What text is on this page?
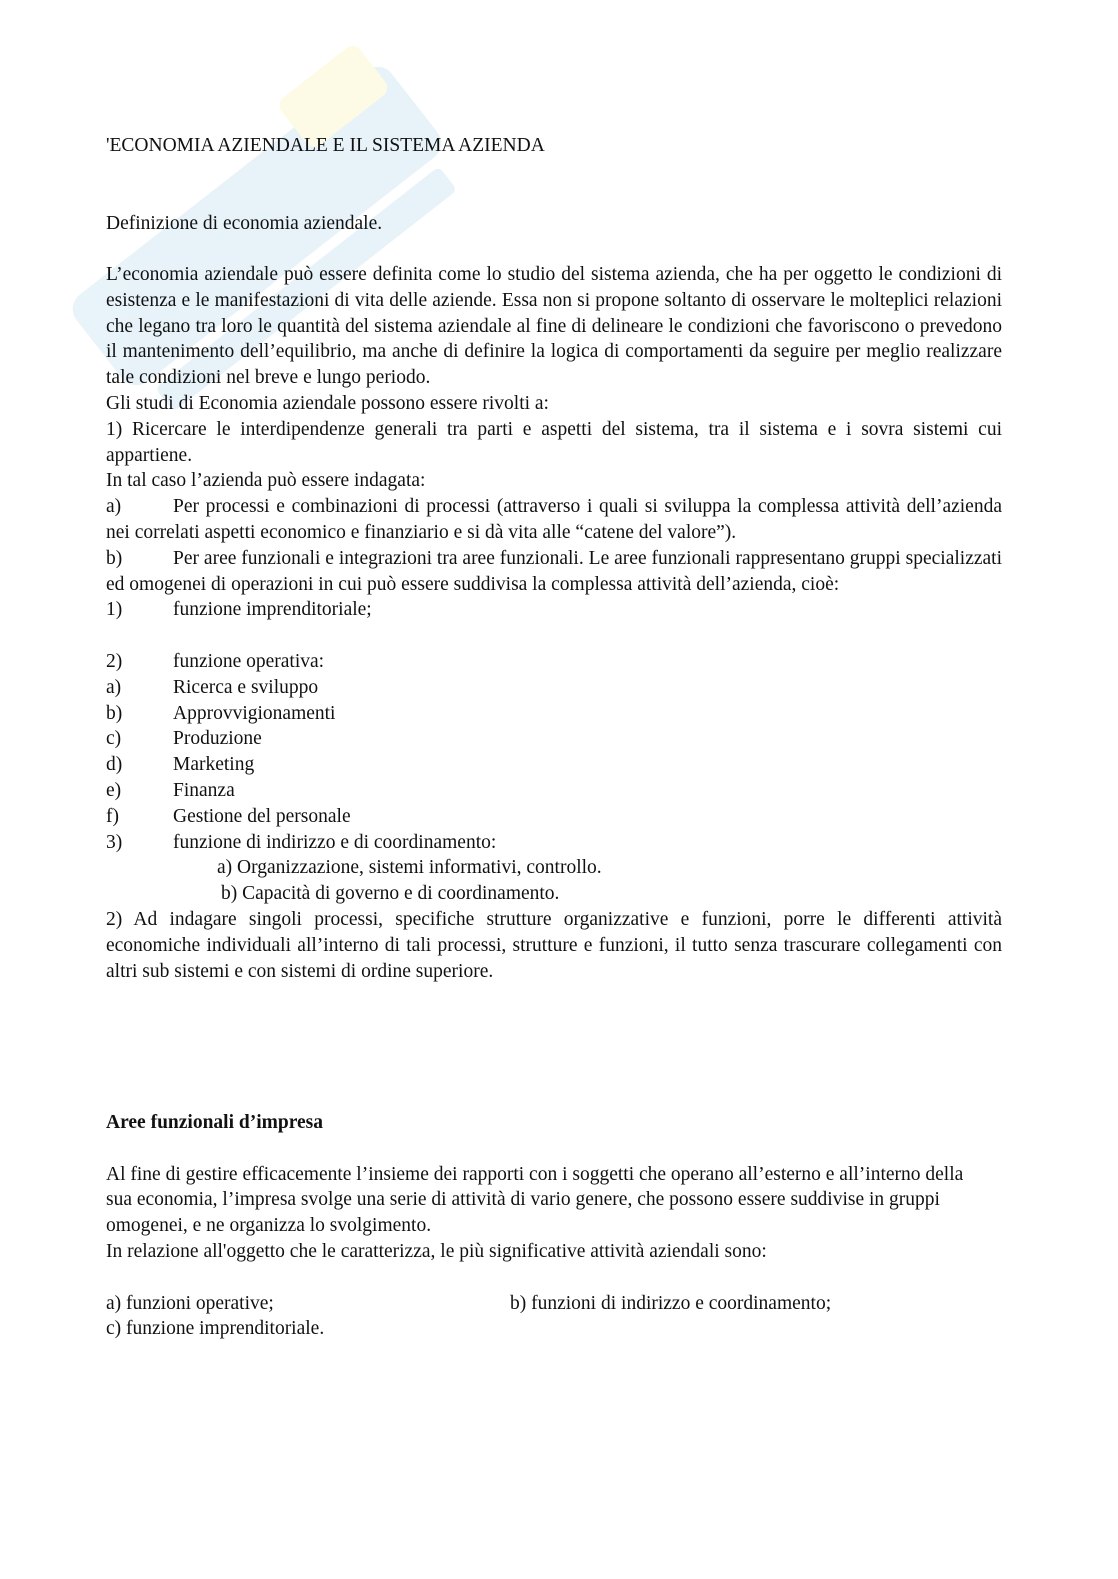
'ECONOMIA AZIENDALE E IL SISTEMA AZIENDA
Definizione di economia aziendale.

L’economia aziendale può essere definita come lo studio del sistema azienda, che ha per oggetto le condizioni di esistenza e le manifestazioni di vita delle aziende. Essa non si propone soltanto di osservare le molteplici relazioni che legano tra loro le quantità del sistema aziendale al fine di delineare le condizioni che favoriscono o prevedono il mantenimento dell’equilibrio, ma anche di definire la logica di comportamenti da seguire per meglio realizzare tale condizioni nel breve e lungo periodo.

Gli studi di Economia aziendale possono essere rivolti a:

1) Ricercare le interdipendenze generali tra parti e aspetti del sistema, tra il sistema e i sovra sistemi cui appartiene.

In tal caso l’azienda può essere indagata:

a)	Per processi e combinazioni di processi (attraverso i quali si sviluppa la complessa attività dell’azienda nei correlati aspetti economico e finanziario e si dà vita alle “catene del valore”).

b)	Per aree funzionali e integrazioni tra aree funzionali. Le aree funzionali rappresentano gruppi specializzati ed omogenei di operazioni in cui può essere suddivisa la complessa attività dell’azienda, cioè:

1)	funzione imprenditoriale;
2)	funzione operativa:
a)	Ricerca e sviluppo
b)	Approvvigionamenti
c)	Produzione
d)	Marketing
e)	Finanza
f)	Gestione del personale
3)	funzione di indirizzo e di coordinamento:

a) Organizzazione, sistemi informativi, controllo.

b) Capacità di governo e di coordinamento.

2) Ad indagare singoli processi, specifiche strutture organizzative e funzioni, porre le differenti attività economiche individuali all’interno di tali processi, strutture e funzioni, il tutto senza trascurare collegamenti con altri sub sistemi e con sistemi di ordine superiore.

Aree funzionali d’impresa

Al fine di gestire efficacemente l’insieme dei rapporti con i soggetti che operano all’esterno e all’interno della sua economia, l’impresa svolge una serie di attività di vario genere, che possono essere suddivise in gruppi omogenei, e ne organizza lo svolgimento.

In relazione all'oggetto che le caratterizza, le più significative attività aziendali sono:

a) funzioni operative;	b) funzioni di indirizzo e coordinamento;

c) funzione imprenditoriale.
